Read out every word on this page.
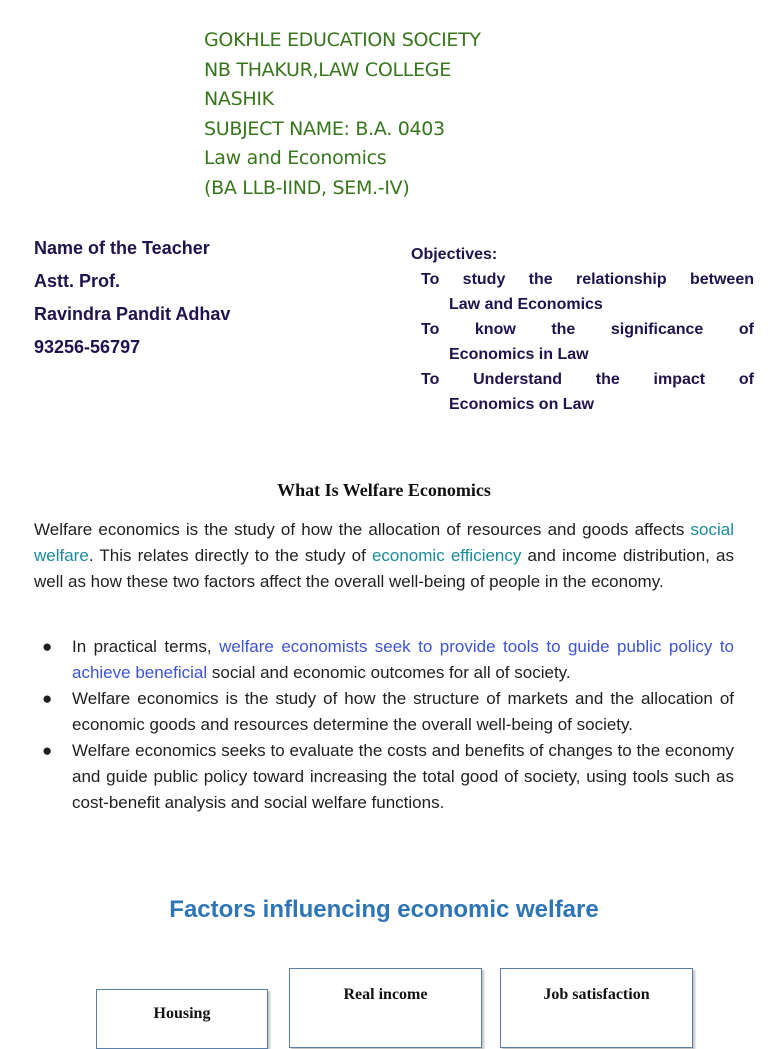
GOKHLE EDUCATION SOCIETY
NB THAKUR,LAW COLLEGE
NASHIK
SUBJECT NAME: B.A. 0403
Law and Economics
(BA LLB-IIND, SEM.-IV)
Name of the Teacher
Astt. Prof.
Ravindra Pandit Adhav
93256-56797
Objectives:
To study the relationship between
Law and Economics
To know the significance of
Economics in Law
To Understand the impact of
Economics on Law
What Is Welfare Economics
Welfare economics is the study of how the allocation of resources and goods affects social welfare. This relates directly to the study of economic efficiency and income distribution, as well as how these two factors affect the overall well-being of people in the economy.
● In practical terms, welfare economists seek to provide tools to guide public policy to achieve beneficial social and economic outcomes for all of society.
● Welfare economics is the study of how the structure of markets and the allocation of economic goods and resources determine the overall well-being of society.
● Welfare economics seeks to evaluate the costs and benefits of changes to the economy and guide public policy toward increasing the total good of society, using tools such as cost-benefit analysis and social welfare functions.
Factors influencing economic welfare
Housing
Real income	Job satisfaction
